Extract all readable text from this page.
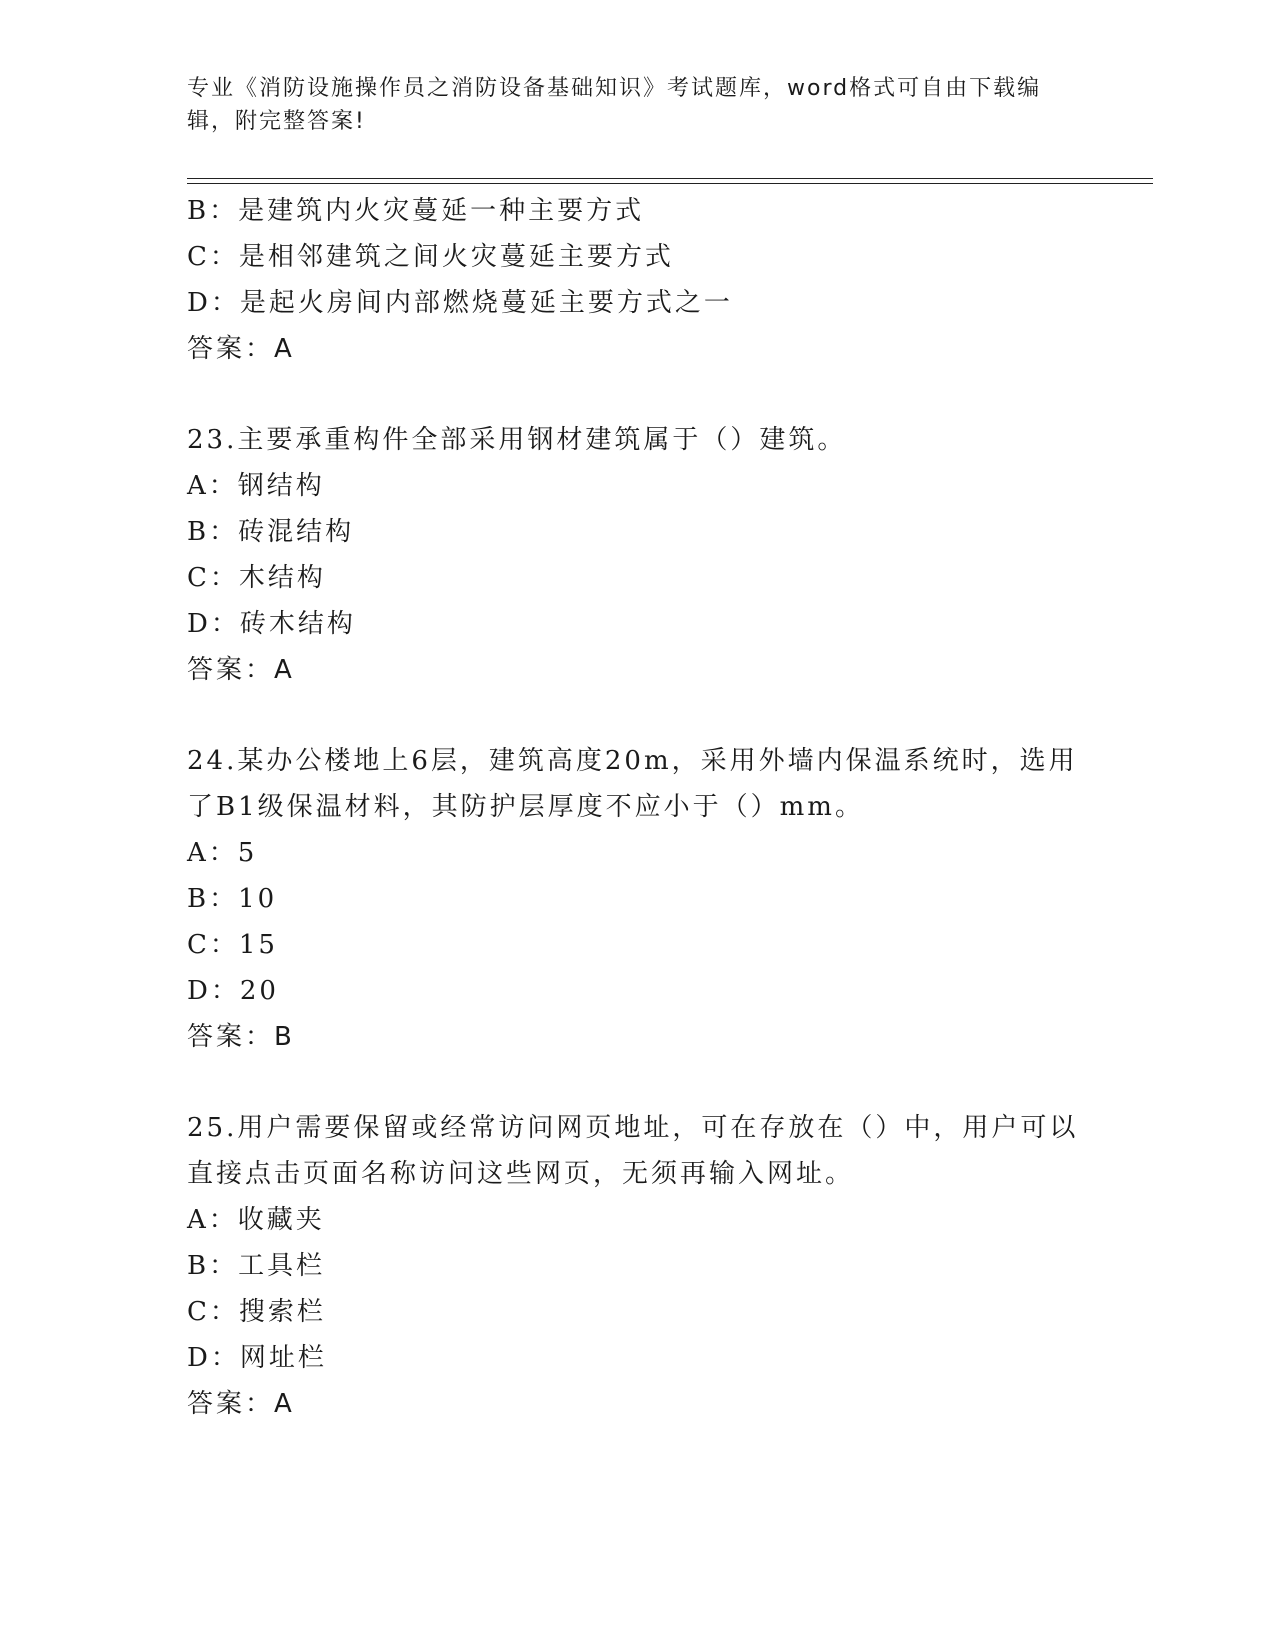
专业《消防设施操作员之消防设备基础知识》考试题库，word格式可自由下载编
辑，附完整答案!
B：是建筑内火灾蔓延一种主要方式
C：是相邻建筑之间火灾蔓延主要方式
D：是起火房间内部燃烧蔓延主要方式之一
答案：A
23.主要承重构件全部采用钢材建筑属于（）建筑。
A：钢结构
B：砖混结构
C：木结构
D：砖木结构
答案：A
24.某办公楼地上6层，建筑高度20m，采用外墙内保温系统时，选用
了B1级保温材料，其防护层厚度不应小于（）mm。
A：5
B：10
C：15
D：20
答案：B
25.用户需要保留或经常访问网页地址，可在存放在（）中，用户可以
直接点击页面名称访问这些网页，无须再输入网址。
A：收藏夹
B：工具栏
C：搜索栏
D：网址栏
答案：A
